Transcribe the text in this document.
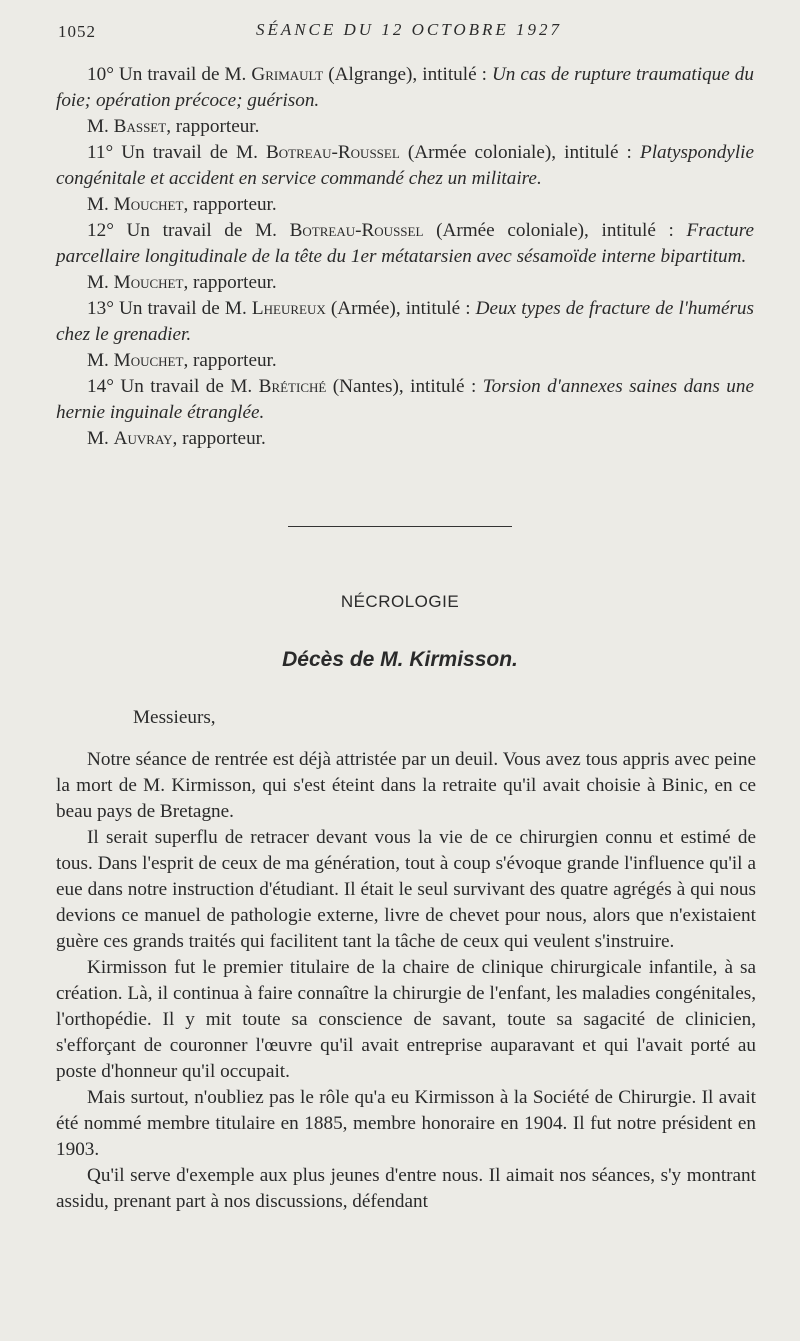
1052	SÉANCE DU 12 OCTOBRE 1927

10° Un travail de M. Grimault (Algrange), intitulé : Un cas de rupture traumatique du foie; opération précoce; guérison.

M. Basset, rapporteur.

11° Un travail de M. Botreau-Roussel (Armée coloniale), intitulé : Platyspondylie congénitale et accident en service commandé chez un militaire.

M. Mouchet, rapporteur.

12° Un travail de M. Botreau-Roussel (Armée coloniale), intitulé : Fracture parcellaire longitudinale de la tête du 1er métatarsien avec sésamoïde interne bipartitum.

M. Mouchet, rapporteur.

13° Un travail de M. Lheureux (Armée), intitulé : Deux types de fracture de l'humérus chez le grenadier.

M. Mouchet, rapporteur.

14° Un travail de M. Brétiché (Nantes), intitulé : Torsion d'annexes saines dans une hernie inguinale étranglée.

M. Auvray, rapporteur.

NÉCROLOGIE
Décès de M. Kirmisson.
Messieurs,

Notre séance de rentrée est déjà attristée par un deuil. Vous avez tous appris avec peine la mort de M. Kirmisson, qui s'est éteint dans la retraite qu'il avait choisie à Binic, en ce beau pays de Bretagne.

Il serait superflu de retracer devant vous la vie de ce chirurgien connu et estimé de tous. Dans l'esprit de ceux de ma génération, tout à coup s'évoque grande l'influence qu'il a eue dans notre instruction d'étudiant. Il était le seul survivant des quatre agrégés à qui nous devions ce manuel de pathologie externe, livre de chevet pour nous, alors que n'existaient guère ces grands traités qui facilitent tant la tâche de ceux qui veulent s'instruire.

Kirmisson fut le premier titulaire de la chaire de clinique chirurgicale infantile, à sa création. Là, il continua à faire connaître la chirurgie de l'enfant, les maladies congénitales, l'orthopédie. Il y mit toute sa conscience de savant, toute sa sagacité de clinicien, s'efforçant de couronner l'œuvre qu'il avait entreprise auparavant et qui l'avait porté au poste d'honneur qu'il occupait.

Mais surtout, n'oubliez pas le rôle qu'a eu Kirmisson à la Société de Chirurgie. Il avait été nommé membre titulaire en 1885, membre honoraire en 1904. Il fut notre président en 1903.

Qu'il serve d'exemple aux plus jeunes d'entre nous. Il aimait nos séances, s'y montrant assidu, prenant part à nos discussions, défendant
